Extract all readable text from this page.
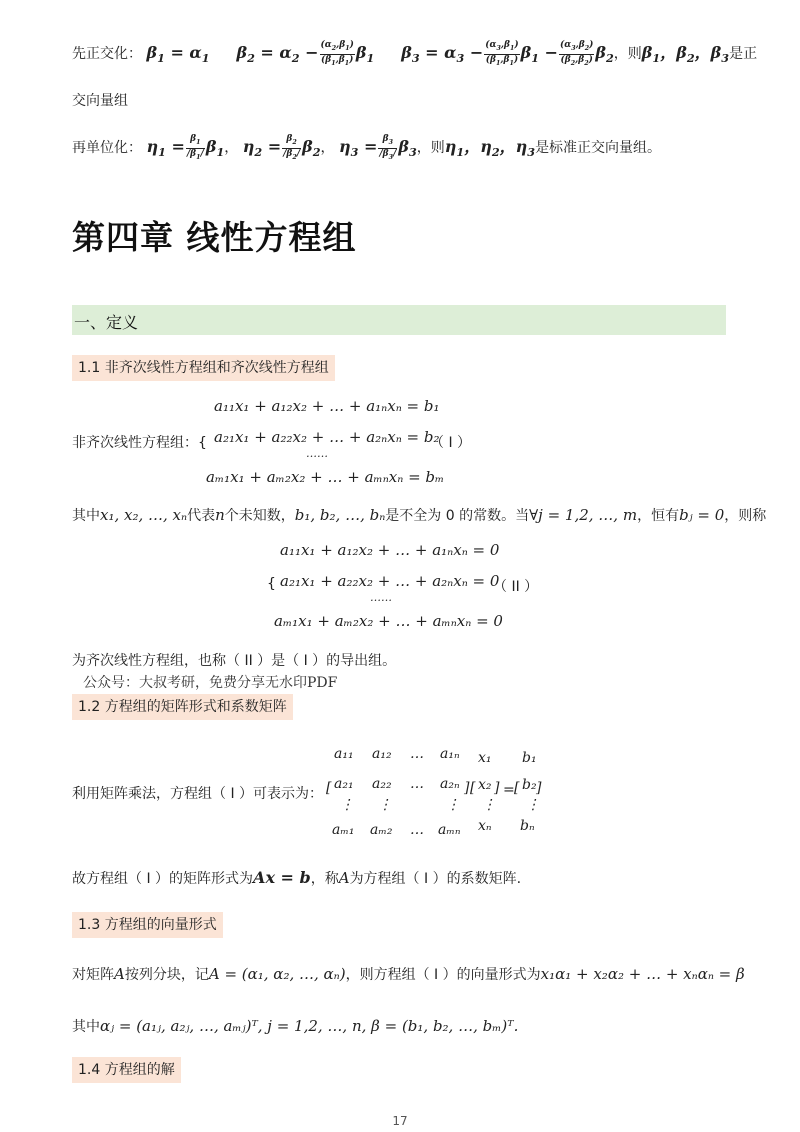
先正交化： $\beta_1 = \alpha_1$ $\beta_2 = \alpha_2 - \frac{(\alpha_2,\beta_1)}{(\beta_1,\beta_1)} \beta_1$ $\beta_3 = \alpha_3 - \frac{(\alpha_3,\beta_1)}{(\beta_1,\beta_1)} \beta_1 - \frac{(\alpha_3,\beta_2)}{(\beta_2,\beta_2)} \beta_2$，则$\beta_1$，$\beta_2$，$\beta_3$是正
交向量组
再单位化： $\eta_1 = \frac{\beta_1}{/\beta_1/} \beta_1$， $\eta_2 = \frac{\beta_2}{/\beta_2/} \beta_2$， $\eta_3 = \frac{\beta_3}{/\beta_3/} \beta_3$，则$\eta_1$，$\eta_2$，$\eta_3$是标准正交向量组。
第四章 线性方程组
一、定义
1.1 非齐次线性方程组和齐次线性方程组
a₁₁x₁ + a₁₂x₂ + … + a₁ₙxₙ = b₁
非齐次线性方程组：{ a₂₁x₁ + a₂₂x₂ + … + a₂ₙxₙ = b₂
（ I ）
……
aₘ₁x₁ + aₘ₂x₂ + … + aₘₙxₙ = bₘ
其中x₁, x₂, …, xₙ代表n个未知数，b₁, b₂, …, bₙ是不全为 0 的常数。当∀j = 1,2, …, m，恒有bⱼ = 0，则称
a₁₁x₁ + a₁₂x₂ + … + a₁ₙxₙ = 0
{ a₂₁x₁ + a₂₂x₂ + … + a₂ₙxₙ = 0
（ II ）
……
aₘ₁x₁ + aₘ₂x₂ + … + aₘₙxₙ = 0
为齐次线性方程组，也称（ II ）是（ I ）的导出组。
公众号：大叔考研，免费分享无水印PDF
1.2 方程组的矩阵形式和系数矩阵
利用矩阵乘法，方程组（ I ）可表示为： [
a₁₁ a₁₂ … a₁ₙ
a₂₁ a₂₂ … a₂ₙ
⋮ ⋮	⋮
aₘ₁ aₘ₂ … aₘₙ
] [
x₁
x₂
⋮
xₙ
] = [
b₁
b₂
⋮
bₙ
]
故方程组（ I ）的矩阵形式为Ax = b，称A为方程组（ I ）的系数矩阵.
1.3 方程组的向量形式
对矩阵A按列分块，记A = (α₁, α₂, …, αₙ)，则方程组（ I ）的向量形式为x₁α₁ + x₂α₂ + … + xₙαₙ = β
其中αⱼ = (a₁ⱼ, a₂ⱼ, …, aₘⱼ)ᵀ, j = 1,2, …, n, β = (b₁, b₂, …, bₘ)ᵀ.
1.4 方程组的解
17
